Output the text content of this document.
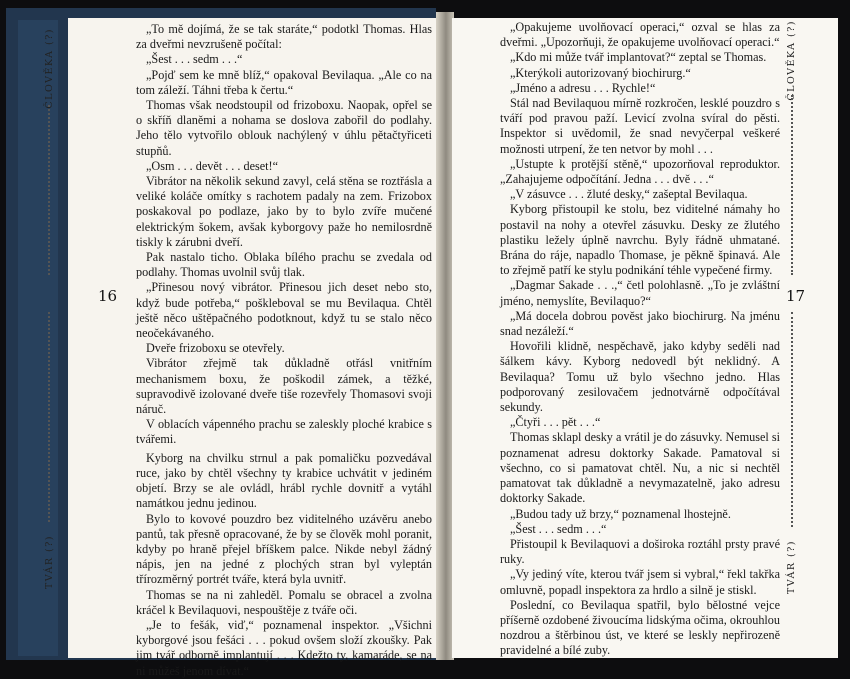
ČLOVĚKA (?)
16
TVÁR (?)
ČLOVĚKA (?)
17
TVÁR (?)

„To mě dojímá, že se tak staráte,“ podotkl Thomas. Hlas za dveřmi nevzrušeně počítal:

„Šest . . . sedm . . .“

„Pojď sem ke mně blíž,“ opakoval Bevilaqua. „Ale co na tom záleží. Táhni třeba k čertu.“

Thomas však neodstoupil od frizoboxu. Naopak, opřel se o skříň dlaněmi a nohama se doslova zabořil do podlahy. Jeho tělo vytvořilo oblouk nachýlený v úhlu pětačtyřiceti stupňů.

„Osm . . . devět . . . deset!“

Vibrátor na několik sekund zavyl, celá stěna se roztřásla a veliké koláče omítky s rachotem padaly na zem. Frizobox poskakoval po podlaze, jako by to bylo zvíře mučené elektrickým šokem, avšak kyborgovy paže ho nemilosrdně tiskly k zárubni dveří.

Pak nastalo ticho. Oblaka bílého prachu se zvedala od podlahy. Thomas uvolnil svůj tlak.

„Přinesou nový vibrátor. Přinesou jich deset nebo sto, když bude potřeba,“ poškleboval se mu Bevilaqua. Chtěl ještě něco uštěpačného podotknout, když tu se stalo něco neočekávaného.

Dveře frizoboxu se otevřely.

Vibrátor zřejmě tak důkladně otřásl vnitřním mechanismem boxu, že poškodil zámek, a těžké, supravodivě izolované dveře tiše rozevřely Thomasovi svoji náruč.

V oblacích vápenného prachu se zaleskly ploché krabice s tvářemi.

Kyborg na chvilku strnul a pak pomaličku pozvedával ruce, jako by chtěl všechny ty krabice uchvátit v jediném objetí. Brzy se ale ovládl, hrábl rychle dovnitř a vytáhl namátkou jednu jedinou.

Bylo to kovové pouzdro bez viditelného uzávěru anebo pantů, tak přesně opracované, že by se člověk mohl poranit, kdyby po hraně přejel bříškem palce. Nikde nebyl žádný nápis, jen na jedné z plochých stran byl vyleptán třírozměrný portrét tváře, která byla uvnitř.

Thomas se na ni zahleděl. Pomalu se obracel a zvolna kráčel k Bevilaquovi, nespouštěje z tváře oči.

„Je to fešák, viď,“ poznamenal inspektor. „Všichni kyborgové jsou fešáci . . . pokud ovšem složí zkoušky. Pak jim tvář odborně implantují . . . Kdežto ty, kamaráde, se na ni můžeš jenom dívat.“

„Opakujeme uvolňovací operaci,“ ozval se hlas za dveřmi. „Upozorňuji, že opakujeme uvolňovací operaci.“

„Kdo mi může tvář implantovat?“ zeptal se Thomas.

„Kterýkoli autorizovaný biochirurg.“

„Jméno a adresu . . . Rychle!“

Stál nad Bevilaquou mírně rozkročen, lesklé pouzdro s tváří pod pravou paží. Levicí zvolna svíral do pěsti. Inspektor si uvědomil, že snad nevyčerpal veškeré možnosti utrpení, že ten netvor by mohl . . .

„Ustupte k protější stěně,“ upozorňoval reproduktor. „Zahajujeme odpočítání. Jedna . . . dvě . . .“

„V zásuvce . . . žluté desky,“ zašeptal Bevilaqua.

Kyborg přistoupil ke stolu, bez viditelné námahy ho postavil na nohy a otevřel zásuvku. Desky ze žlutého plastiku ležely úplně navrchu. Byly řádně uhmatané. Brána do ráje, napadlo Thomase, je pěkně špinavá. Ale to zřejmě patří ke stylu podnikání téhle vypečené firmy.

„Dagmar Sakade . . .,“ četl polohlasně. „To je zvláštní jméno, nemyslíte, Bevilaquo?“

„Má docela dobrou pověst jako biochirurg. Na jménu snad nezáleží.“

Hovořili klidně, nespěchavě, jako kdyby seděli nad šálkem kávy. Kyborg nedovedl být neklidný. A Bevilaqua? Tomu už bylo všechno jedno. Hlas podporovaný zesilovačem jednotvárně odpočítával sekundy.

„Čtyři . . . pět . . .“

Thomas sklapl desky a vrátil je do zásuvky. Nemusel si poznamenat adresu doktorky Sakade. Pamatoval si všechno, co si pamatovat chtěl. Nu, a nic si nechtěl pamatovat tak důkladně a nevymazatelně, jako adresu doktorky Sakade.

„Budou tady už brzy,“ poznamenal lhostejně.

„Šest . . . sedm . . .“

Přistoupil k Bevilaquovi a doširoka roztáhl prsty pravé ruky.

„Vy jediný víte, kterou tvář jsem si vybral,“ řekl takřka omluvně, popadl inspektora za hrdlo a silně je stiskl.

Poslední, co Bevilaqua spatřil, bylo bělostné vejce příšerně ozdobené živoucíma lidskýma očima, okrouhlou nozdrou a štěrbinou úst, ve které se leskly nepřirozeně pravidelné a bílé zuby.
